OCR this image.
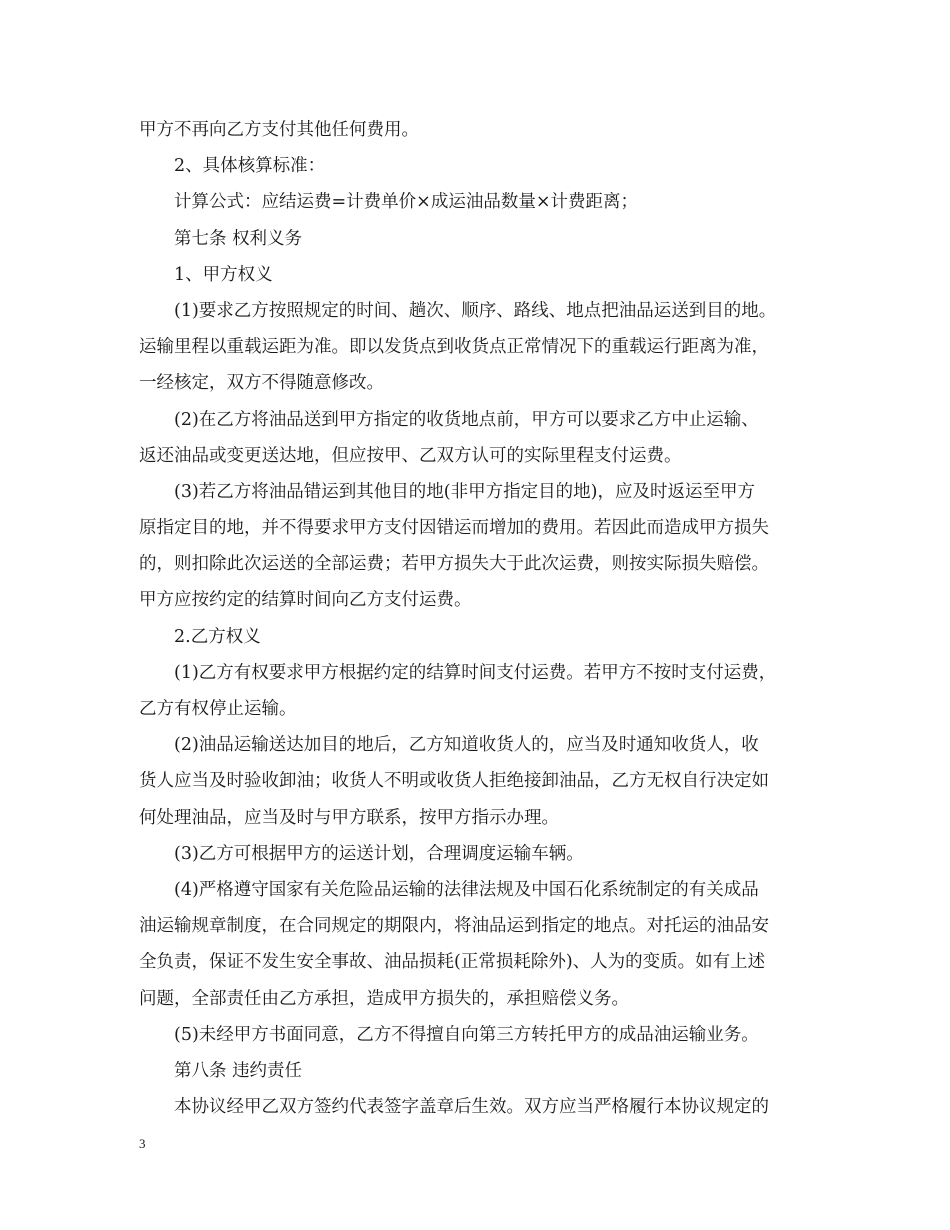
甲方不再向乙方支付其他任何费用。
2、具体核算标准：
计算公式：应结运费=计费单价×成运油品数量×计费距离；
第七条 权利义务
1、甲方权义
(1)要求乙方按照规定的时间、趟次、顺序、路线、地点把油品运送到目的地。
运输里程以重载运距为准。即以发货点到收货点正常情况下的重载运行距离为准，
一经核定，双方不得随意修改。
(2)在乙方将油品送到甲方指定的收货地点前，甲方可以要求乙方中止运输、
返还油品或变更送达地，但应按甲、乙双方认可的实际里程支付运费。
(3)若乙方将油品错运到其他目的地(非甲方指定目的地)，应及时返运至甲方
原指定目的地，并不得要求甲方支付因错运而增加的费用。若因此而造成甲方损失
的，则扣除此次运送的全部运费；若甲方损失大于此次运费，则按实际损失赔偿。
甲方应按约定的结算时间向乙方支付运费。
2.乙方权义
(1)乙方有权要求甲方根据约定的结算时间支付运费。若甲方不按时支付运费，
乙方有权停止运输。
(2)油品运输送达加目的地后，乙方知道收货人的，应当及时通知收货人，收
货人应当及时验收卸油；收货人不明或收货人拒绝接卸油品，乙方无权自行决定如
何处理油品，应当及时与甲方联系，按甲方指示办理。
(3)乙方可根据甲方的运送计划，合理调度运输车辆。
(4)严格遵守国家有关危险品运输的法律法规及中国石化系统制定的有关成品
油运输规章制度，在合同规定的期限内，将油品运到指定的地点。对托运的油品安
全负责，保证不发生安全事故、油品损耗(正常损耗除外)、人为的变质。如有上述
问题，全部责任由乙方承担，造成甲方损失的，承担赔偿义务。
(5)未经甲方书面同意，乙方不得擅自向第三方转托甲方的成品油运输业务。
第八条 违约责任
本协议经甲乙双方签约代表签字盖章后生效。双方应当严格履行本协议规定的
3
